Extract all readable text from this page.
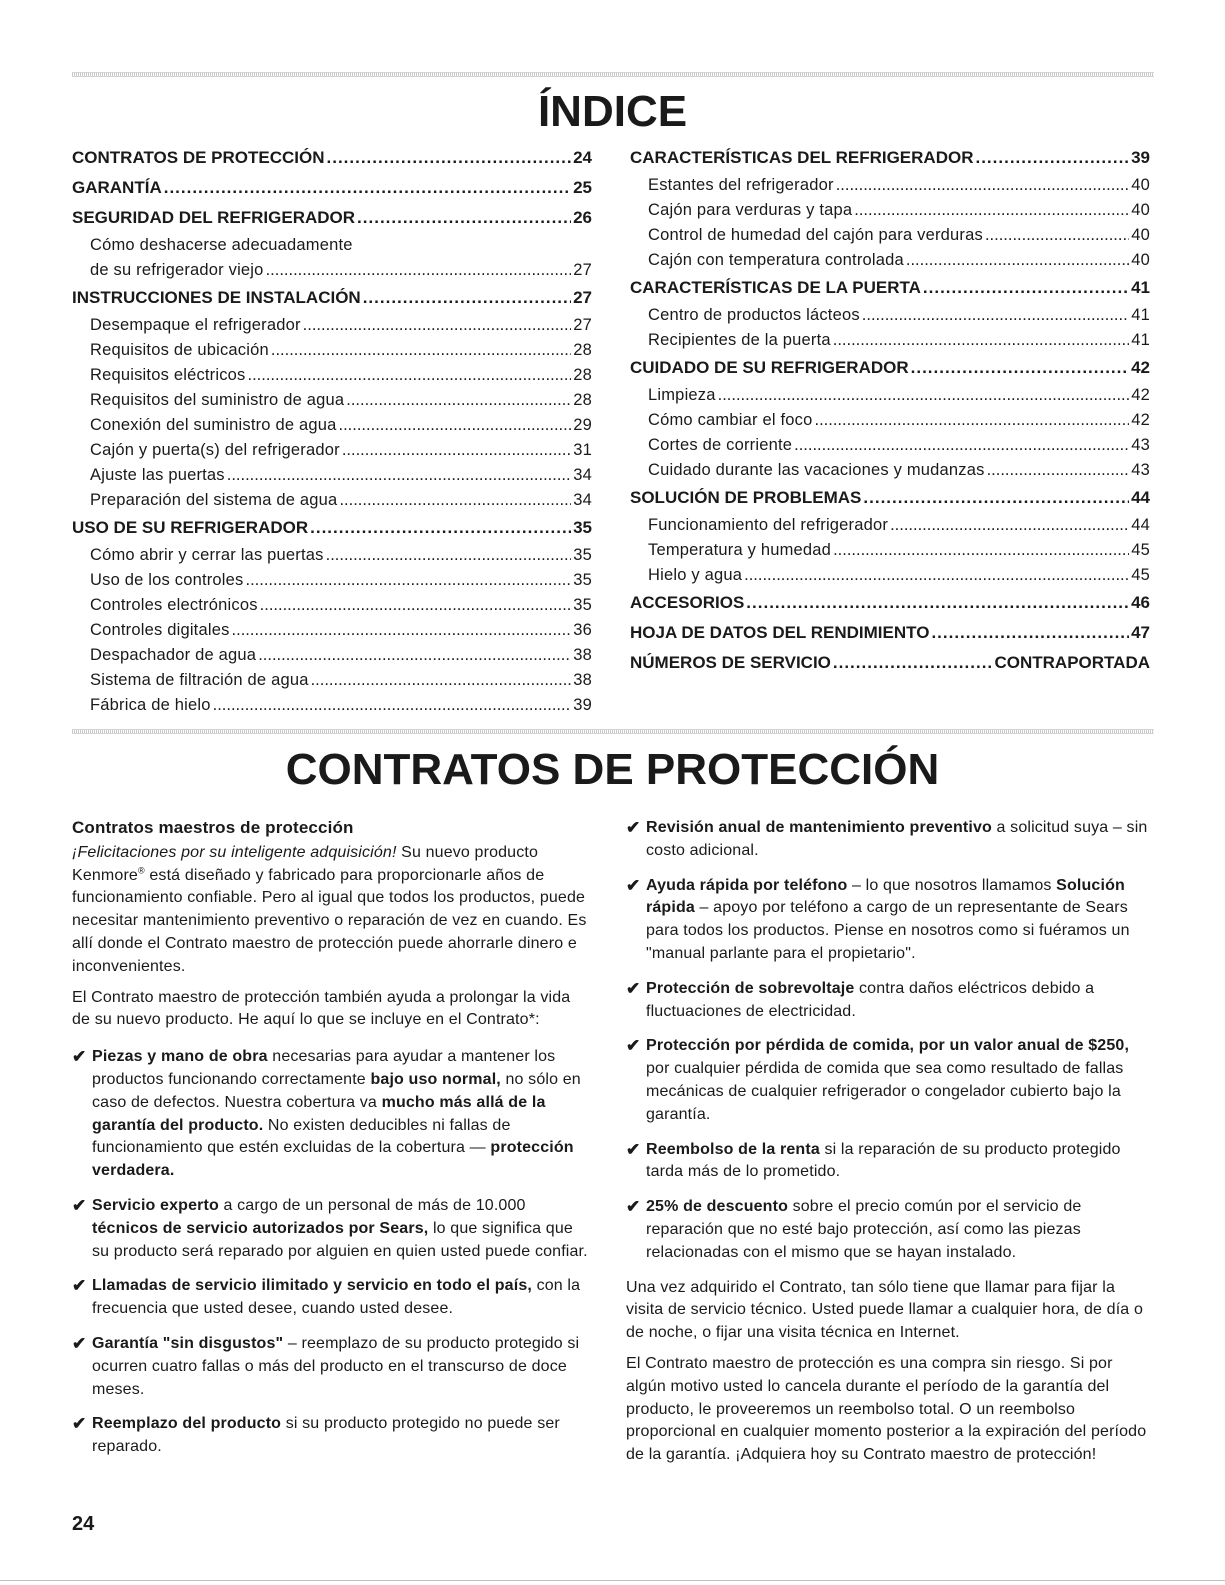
ÍNDICE
CONTRATOS DE PROTECCIÓN .....	24
GARANTÍA .....	25
SEGURIDAD DEL REFRIGERADOR .....	26
Cómo deshacerse adecuadamente
de su refrigerador viejo .....	27
INSTRUCCIONES DE INSTALACIÓN .....	27
Desempaque el refrigerador .....	27
Requisitos de ubicación .....	28
Requisitos eléctricos .....	28
Requisitos del suministro de agua .....	28
Conexión del suministro de agua .....	29
Cajón y puerta(s) del refrigerador .....	31
Ajuste las puertas .....	34
Preparación del sistema de agua .....	34
USO DE SU REFRIGERADOR .....	35
Cómo abrir y cerrar las puertas .....	35
Uso de los controles .....	35
Controles electrónicos .....	35
Controles digitales .....	36
Despachador de agua .....	38
Sistema de filtración de agua .....	38
Fábrica de hielo .....	39
CARACTERÍSTICAS DEL REFRIGERADOR .....	39
Estantes del refrigerador .....	40
Cajón para verduras y tapa .....	40
Control de humedad del cajón para verduras .....	40
Cajón con temperatura controlada .....	40
CARACTERÍSTICAS DE LA PUERTA .....	41
Centro de productos lácteos .....	41
Recipientes de la puerta .....	41
CUIDADO DE SU REFRIGERADOR .....	42
Limpieza .....	42
Cómo cambiar el foco .....	42
Cortes de corriente .....	43
Cuidado durante las vacaciones y mudanzas .....	43
SOLUCIÓN DE PROBLEMAS .....	44
Funcionamiento del refrigerador .....	44
Temperatura y humedad .....	45
Hielo y agua .....	45
ACCESORIOS .....	46
HOJA DE DATOS DEL RENDIMIENTO .....	47
NÚMEROS DE SERVICIO .....	CONTRAPORTADA
CONTRATOS DE PROTECCIÓN
Contratos maestros de protección

¡Felicitaciones por su inteligente adquisición! Su nuevo producto Kenmore® está diseñado y fabricado para proporcionarle años de funcionamiento confiable. Pero al igual que todos los productos, puede necesitar mantenimiento preventivo o reparación de vez en cuando. Es allí donde el Contrato maestro de protección puede ahorrarle dinero e inconvenientes.

El Contrato maestro de protección también ayuda a prolongar la vida de su nuevo producto. He aquí lo que se incluye en el Contrato*:

✔ Piezas y mano de obra necesarias para ayudar a mantener los productos funcionando correctamente bajo uso normal, no sólo en caso de defectos. Nuestra cobertura va mucho más allá de la garantía del producto. No existen deducibles ni fallas de funcionamiento que estén excluidas de la cobertura — protección verdadera.
✔ Servicio experto a cargo de un personal de más de 10.000 técnicos de servicio autorizados por Sears, lo que significa que su producto será reparado por alguien en quien usted puede confiar.
✔ Llamadas de servicio ilimitado y servicio en todo el país, con la frecuencia que usted desee, cuando usted desee.
✔ Garantía "sin disgustos" – reemplazo de su producto protegido si ocurren cuatro fallas o más del producto en el transcurso de doce meses.
✔ Reemplazo del producto si su producto protegido no puede ser reparado.
✔ Revisión anual de mantenimiento preventivo a solicitud suya – sin costo adicional.
✔ Ayuda rápida por teléfono – lo que nosotros llamamos Solución rápida – apoyo por teléfono a cargo de un representante de Sears para todos los productos. Piense en nosotros como si fuéramos un "manual parlante para el propietario".
✔ Protección de sobrevoltaje contra daños eléctricos debido a fluctuaciones de electricidad.
✔ Protección por pérdida de comida, por un valor anual de $250, por cualquier pérdida de comida que sea como resultado de fallas mecánicas de cualquier refrigerador o congelador cubierto bajo la garantía.
✔ Reembolso de la renta si la reparación de su producto protegido tarda más de lo prometido.
✔ 25% de descuento sobre el precio común por el servicio de reparación que no esté bajo protección, así como las piezas relacionadas con el mismo que se hayan instalado.

Una vez adquirido el Contrato, tan sólo tiene que llamar para fijar la visita de servicio técnico. Usted puede llamar a cualquier hora, de día o de noche, o fijar una visita técnica en Internet.

El Contrato maestro de protección es una compra sin riesgo. Si por algún motivo usted lo cancela durante el período de la garantía del producto, le proveeremos un reembolso total. O un reembolso proporcional en cualquier momento posterior a la expiración del período de la garantía. ¡Adquiera hoy su Contrato maestro de protección!

24
